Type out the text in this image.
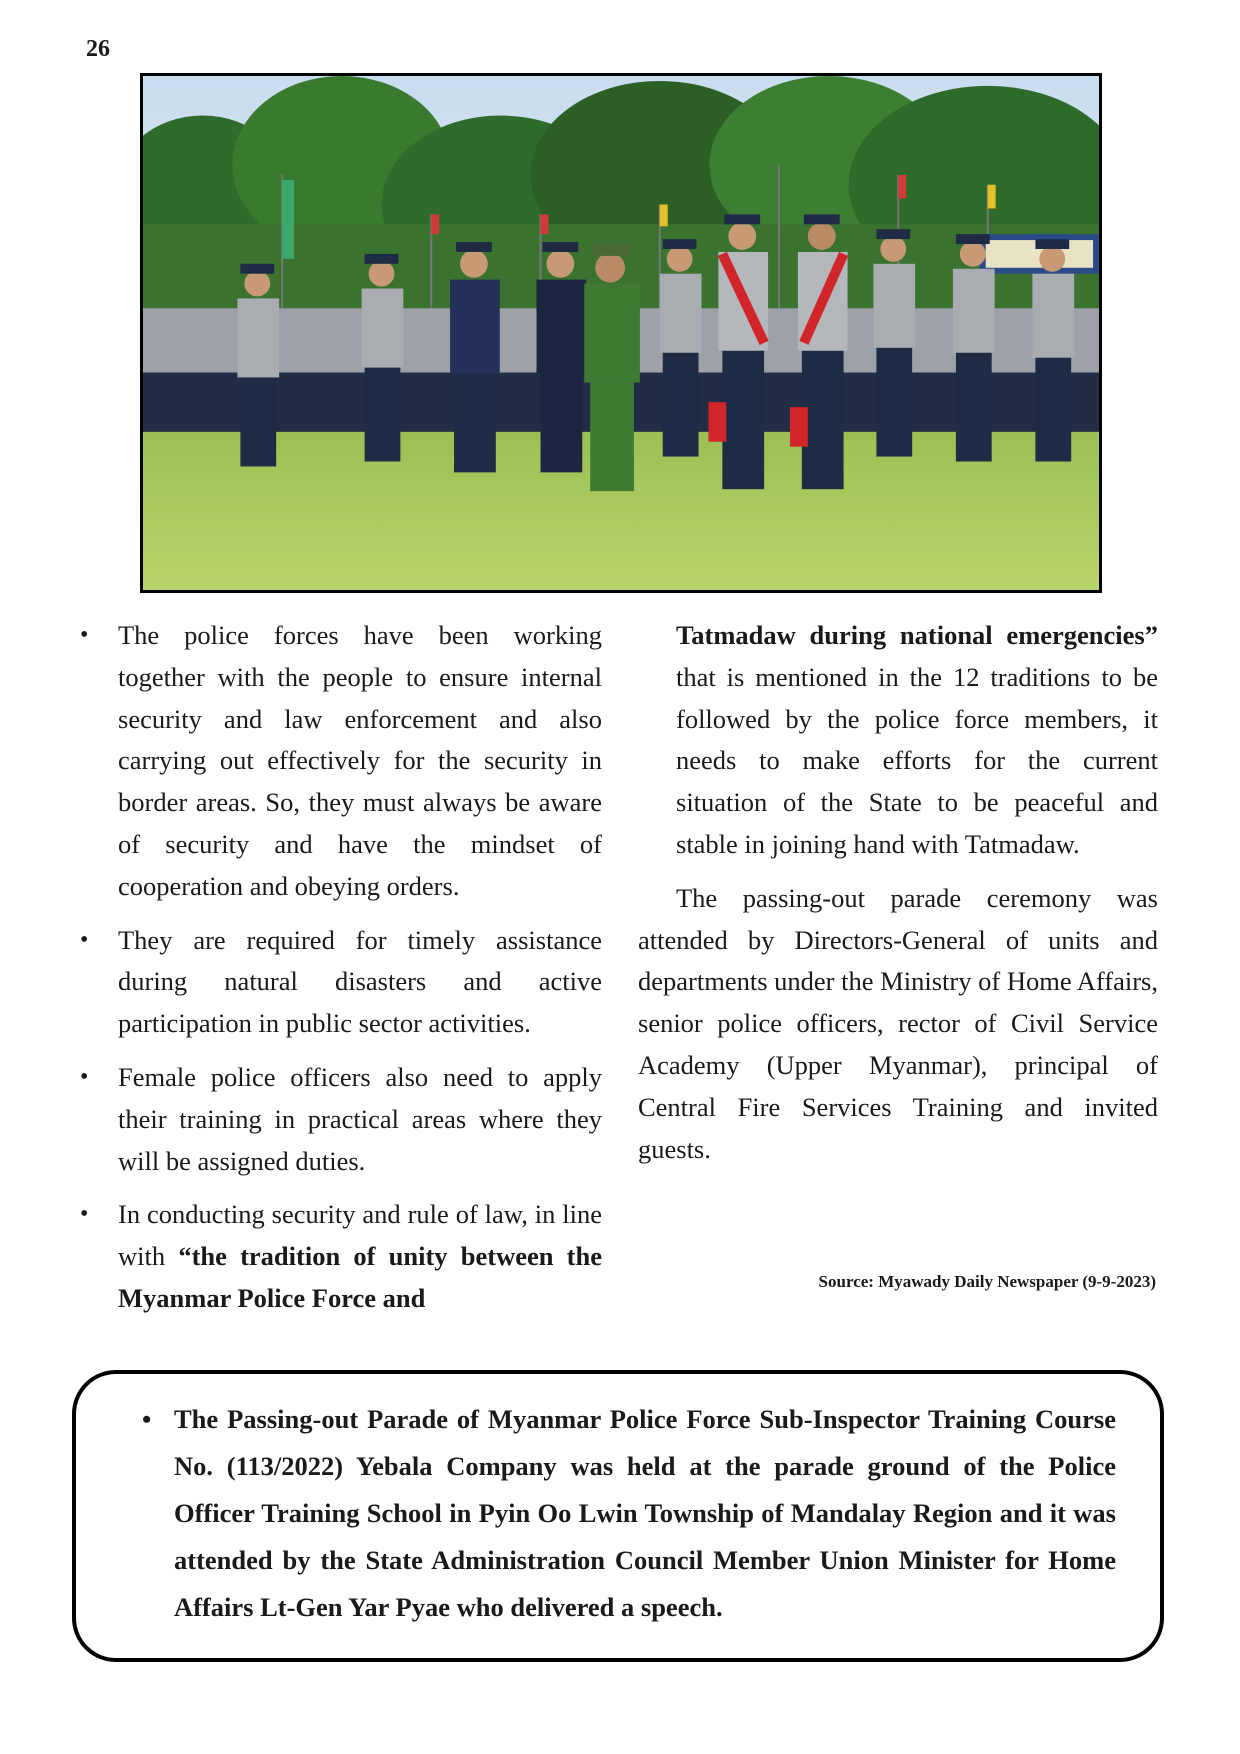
26
• The police forces have been working together with the people to ensure internal security and law enforcement and also carrying out effectively for the security in border areas. So, they must always be aware of security and have the mindset of cooperation and obeying orders.
• They are required for timely assistance during natural disasters and active participation in public sector activities.
• Female police officers also need to apply their training in practical areas where they will be assigned duties.
• In conducting security and rule of law, in line with “the tradition of unity between the Myanmar Police Force and

Tatmadaw during national emergencies” that is mentioned in the 12 traditions to be followed by the police force members, it needs to make efforts for the current situation of the State to be peaceful and stable in joining hand with Tatmadaw.

The passing-out parade ceremony was attended by Directors-General of units and departments under the Ministry of Home Affairs, senior police officers, rector of Civil Service Academy (Upper Myanmar), principal of Central Fire Services Training and invited guests.

Source: Myawady Daily Newspaper (9-9-2023)
• The Passing-out Parade of Myanmar Police Force Sub-Inspector Training Course No. (113/2022) Yebala Company was held at the parade ground of the Police Officer Training School in Pyin Oo Lwin Township of Mandalay Region and it was attended by the State Administration Council Member Union Minister for Home Affairs Lt-Gen Yar Pyae who delivered a speech.
